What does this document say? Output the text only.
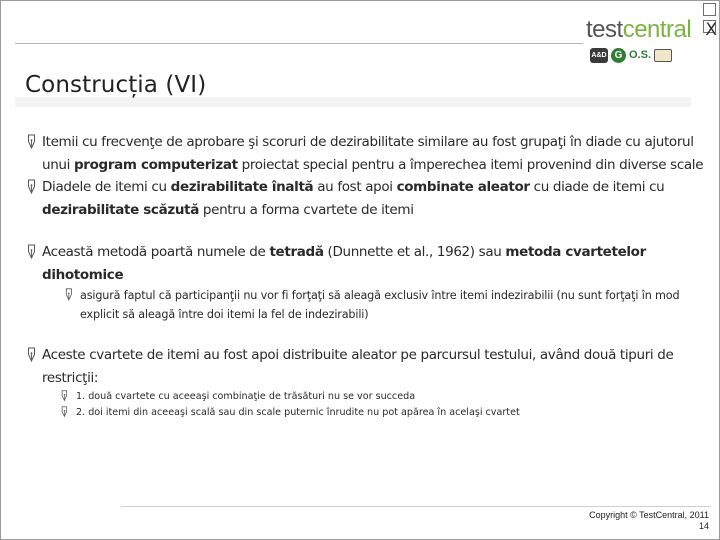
X
testcentral
A&D G O.S.
Construcția (VI)
Itemii cu frecvenţe de aprobare şi scoruri de dezirabilitate similare au fost grupaţi în diade cu ajutorul unui program computerizat proiectat special pentru a împerechea itemi provenind din diverse scale
Diadele de itemi cu dezirabilitate înaltă au fost apoi combinate aleator cu diade de itemi cu dezirabilitate scăzută pentru a forma cvartete de itemi
Această metodă poartă numele de tetradă (Dunnette et al., 1962) sau metoda cvartetelor dihotomice
asigură faptul că participanţii nu vor fi forţaţi să aleagă exclusiv între itemi indezirabilii (nu sunt forţaţi în mod explicit să aleagă între doi itemi la fel de indezirabili)
Aceste cvartete de itemi au fost apoi distribuite aleator pe parcursul testului, având două tipuri de restricţii:
1. două cvartete cu aceeaşi combinaţie de trăsături nu se vor succeda
2. doi itemi din aceeaşi scală sau din scale puternic înrudite nu pot apărea în acelaşi cvartet
Copyright © TestCentral, 2011
14
